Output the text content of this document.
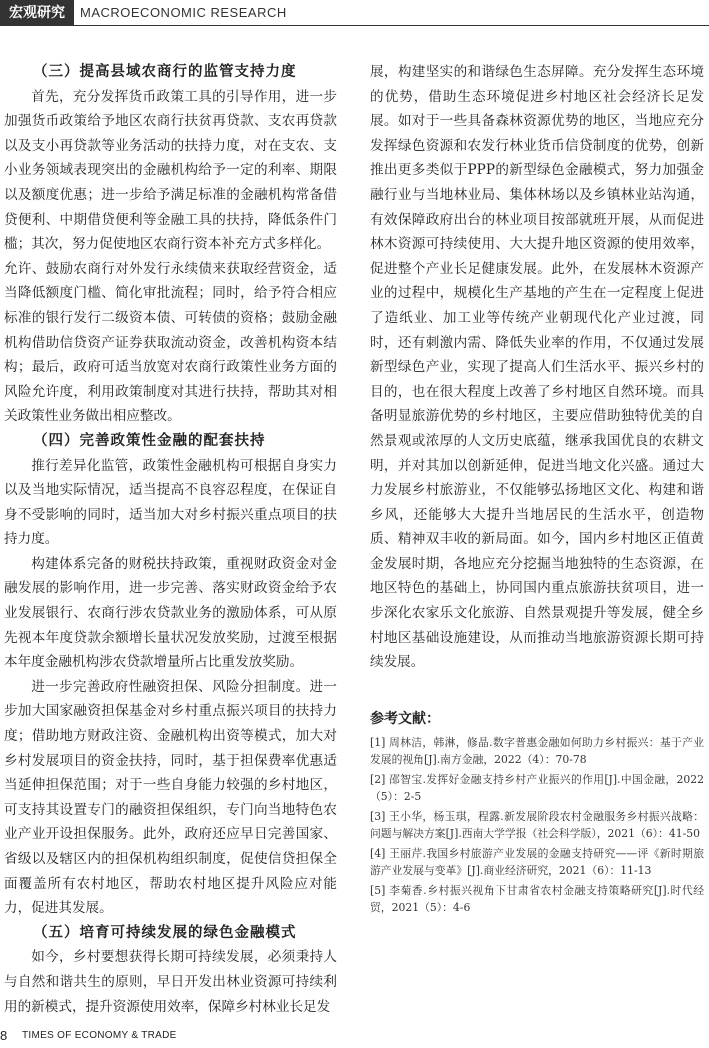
宏观研究	MACROECONOMIC RESEARCH

（三）提高县域农商行的监管支持力度

首先，充分发挥货币政策工具的引导作用，进一步加强货币政策给予地区农商行扶贫再贷款、支农再贷款以及支小再贷款等业务活动的扶持力度，对在支农、支小业务领域表现突出的金融机构给予一定的利率、期限以及额度优惠；进一步给予满足标准的金融机构常备借贷便利、中期借贷便利等金融工具的扶持，降低条件门槛；其次，努力促使地区农商行资本补充方式多样化。

允许、鼓励农商行对外发行永续债来获取经营资金，适当降低额度门槛、简化审批流程；同时，给予符合相应标准的银行发行二级资本债、可转债的资格；鼓励金融机构借助信贷资产证券获取流动资金，改善机构资本结构；最后，政府可适当放宽对农商行政策性业务方面的风险允许度，利用政策制度对其进行扶持，帮助其对相关政策性业务做出相应整改。

（四）完善政策性金融的配套扶持

推行差异化监管，政策性金融机构可根据自身实力以及当地实际情况，适当提高不良容忍程度，在保证自身不受影响的同时，适当加大对乡村振兴重点项目的扶持力度。

构建体系完备的财税扶持政策，重视财政资金对金融发展的影响作用，进一步完善、落实财政资金给予农业发展银行、农商行涉农贷款业务的激励体系，可从原先视本年度贷款余额增长量状况发放奖励，过渡至根据本年度金融机构涉农贷款增量所占比重发放奖励。

进一步完善政府性融资担保、风险分担制度。进一步加大国家融资担保基金对乡村重点振兴项目的扶持力度；借助地方财政注资、金融机构出资等模式，加大对乡村发展项目的资金扶持，同时，基于担保费率优惠适当延伸担保范围；对于一些自身能力较强的乡村地区，可支持其设置专门的融资担保组织，专门向当地特色农业产业开设担保服务。此外，政府还应早日完善国家、省级以及辖区内的担保机构组织制度，促使信贷担保全面覆盖所有农村地区，帮助农村地区提升风险应对能力，促进其发展。

（五）培育可持续发展的绿色金融模式

如今，乡村要想获得长期可持续发展，必须秉持人与自然和谐共生的原则，早日开发出林业资源可持续利用的新模式，提升资源使用效率，保障乡村林业长足发

展，构建坚实的和谐绿色生态屏障。充分发挥生态环境的优势，借助生态环境促进乡村地区社会经济长足发展。如对于一些具备森林资源优势的地区，当地应充分发挥绿色资源和农发行林业货币信贷制度的优势，创新推出更多类似于PPP的新型绿色金融模式，努力加强金融行业与当地林业局、集体林场以及乡镇林业站沟通，有效保障政府出台的林业项目按部就班开展，从而促进林木资源可持续使用、大大提升地区资源的使用效率，促进整个产业长足健康发展。此外，在发展林木资源产业的过程中，规模化生产基地的产生在一定程度上促进了造纸业、加工业等传统产业朝现代化产业过渡，同时，还有刺激内需、降低失业率的作用，不仅通过发展新型绿色产业，实现了提高人们生活水平、振兴乡村的目的，也在很大程度上改善了乡村地区自然环境。而具备明显旅游优势的乡村地区，主要应借助独特优美的自然景观或浓厚的人文历史底蕴，继承我国优良的农耕文明，并对其加以创新延伸，促进当地文化兴盛。通过大力发展乡村旅游业，不仅能够弘扬地区文化、构建和谐乡风，还能够大大提升当地居民的生活水平，创造物质、精神双丰收的新局面。如今，国内乡村地区正值黄金发展时期，各地应充分挖掘当地独特的生态资源，在地区特色的基础上，协同国内重点旅游扶贫项目，进一步深化农家乐文化旅游、自然景观提升等发展，健全乡村地区基础设施建设，从而推动当地旅游资源长期可持续发展。

参考文献：

[1] 周林洁，韩淋，修晶.数字普惠金融如何助力乡村振兴：基于产业发展的视角[J].南方金融，2022（4）：70-78

[2] 邵智宝.发挥好金融支持乡村产业振兴的作用[J].中国金融，2022（5）：2-5

[3] 王小华，杨玉琪，程露.新发展阶段农村金融服务乡村振兴战略：问题与解决方案[J].西南大学学报（社会科学版），2021（6）：41-50

[4] 王丽芹.我国乡村旅游产业发展的金融支持研究——评《新时期旅游产业发展与变革》[J].商业经济研究，2021（6）：11-13

[5] 李菊香.乡村振兴视角下甘肃省农村金融支持策略研究[J].时代经贸，2021（5）：4-6

8 TIMES OF ECONOMY & TRADE
